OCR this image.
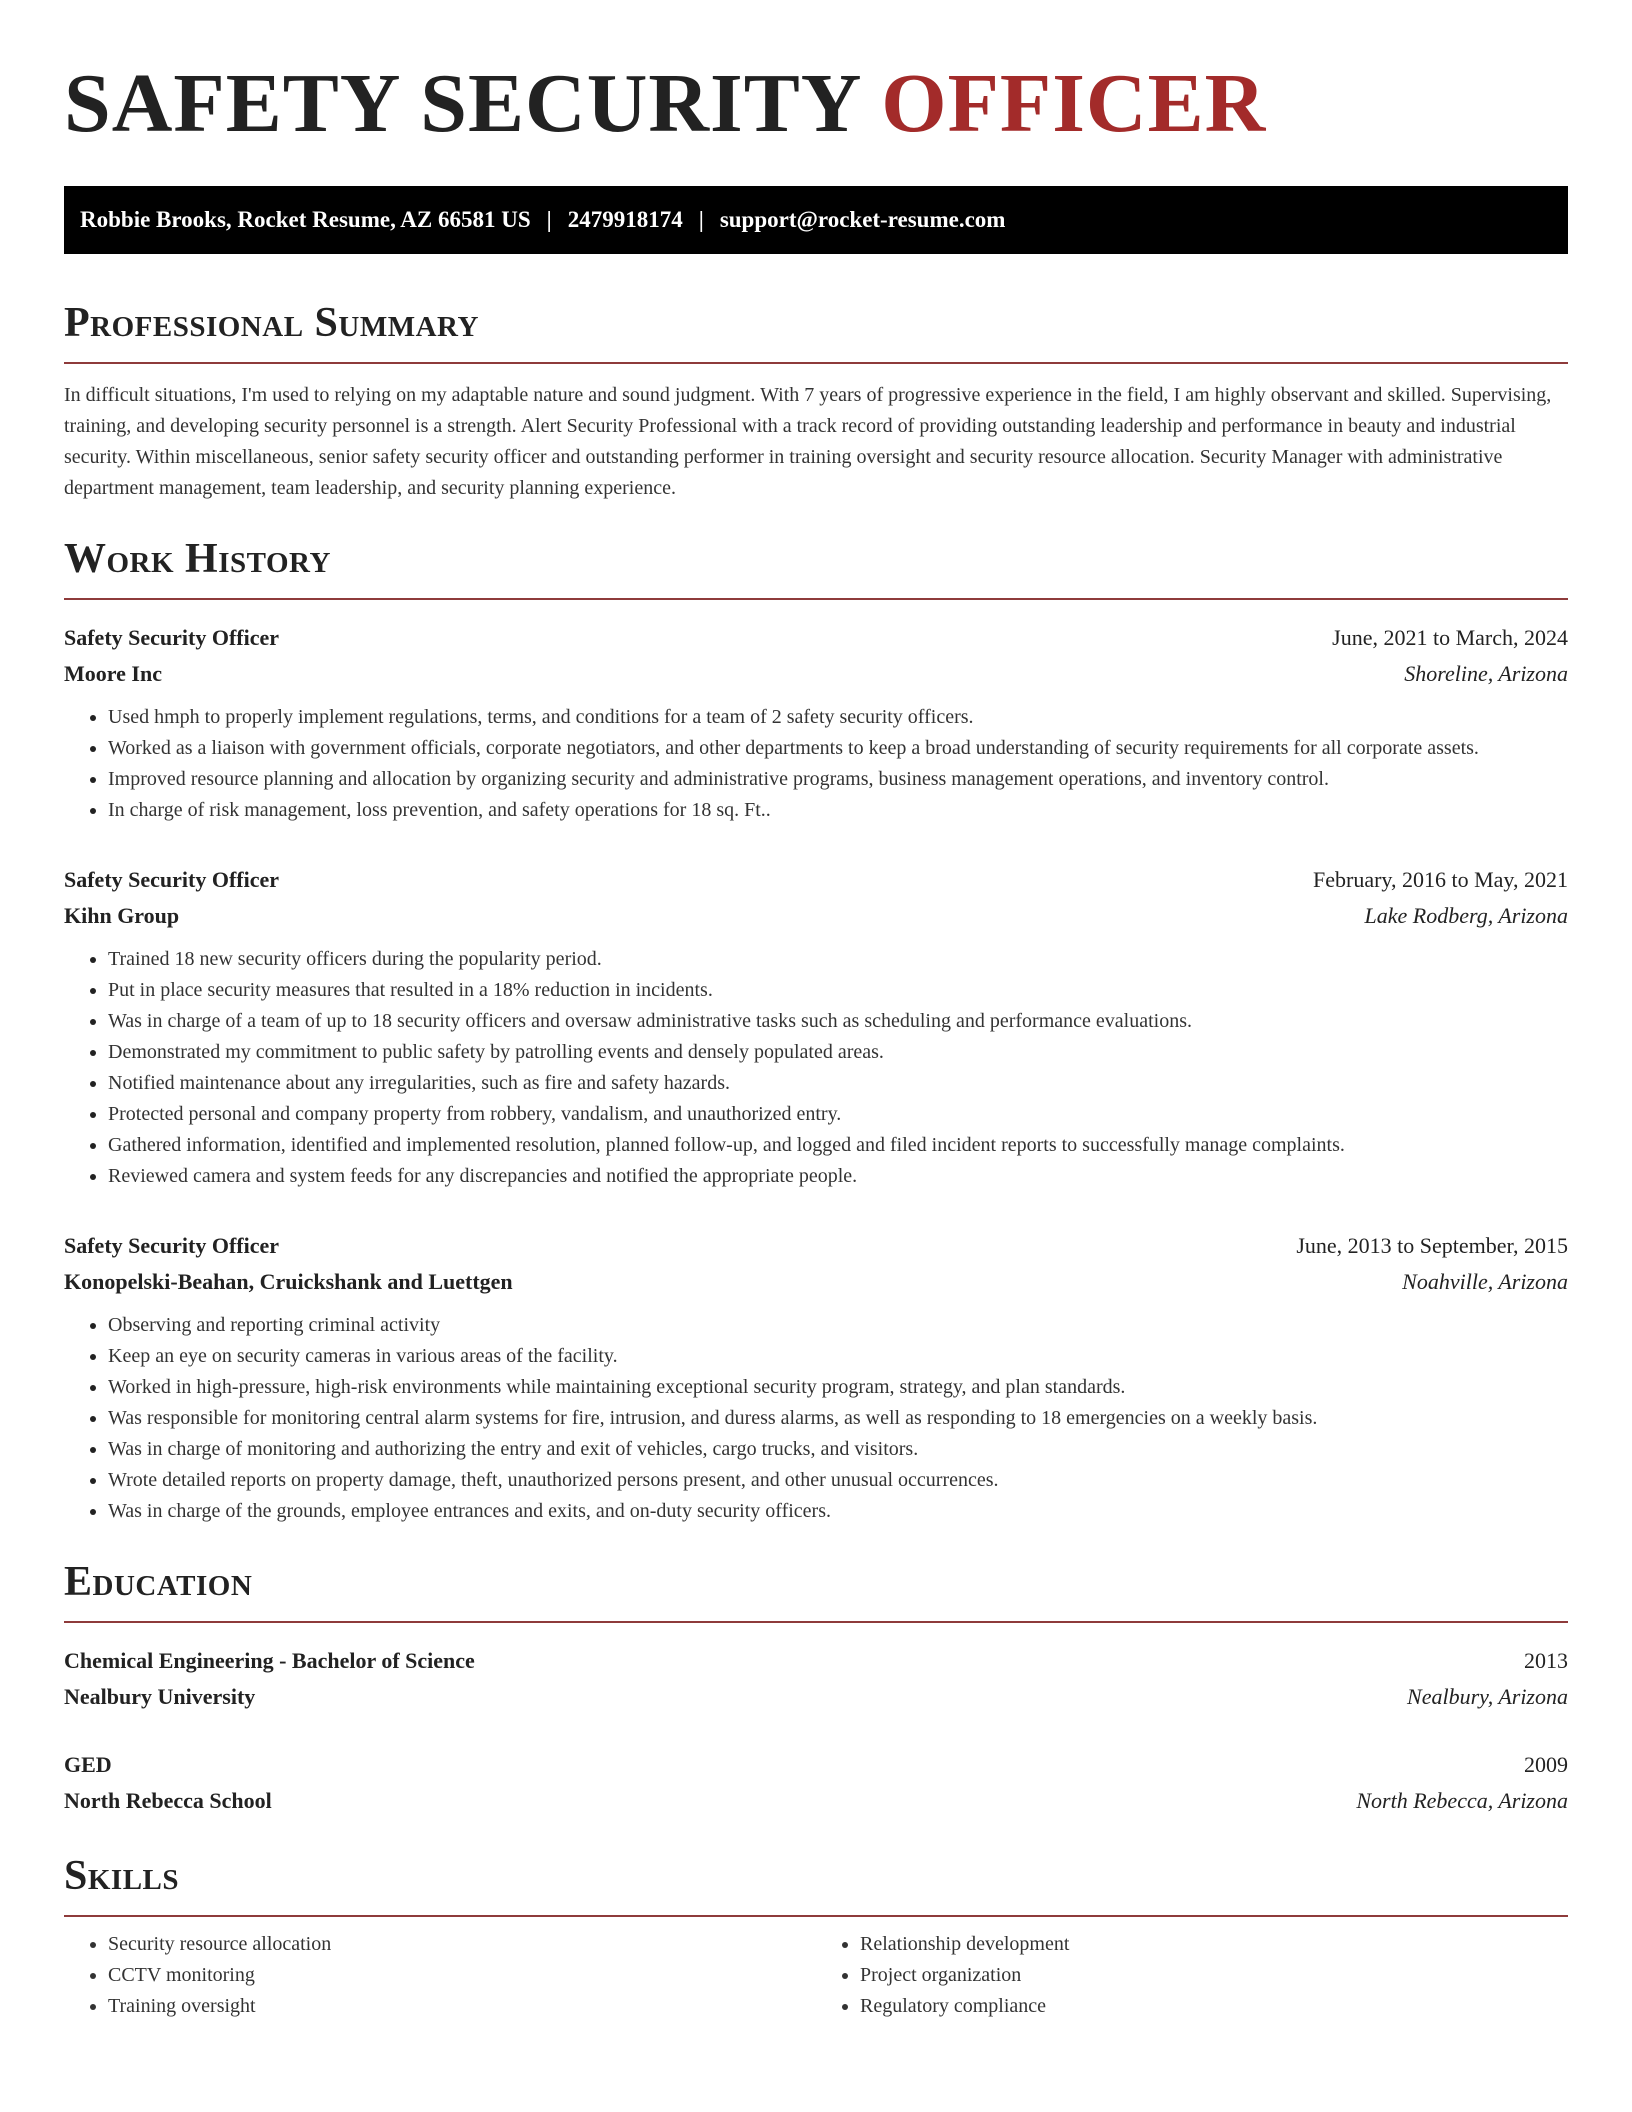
SAFETY SECURITY OFFICER
Robbie Brooks, Rocket Resume, AZ 66581 US | 2479918174 | support@rocket-resume.com
Professional Summary

In difficult situations, I'm used to relying on my adaptable nature and sound judgment. With 7 years of progressive experience in the field, I am highly observant and skilled. Supervising, training, and developing security personnel is a strength. Alert Security Professional with a track record of providing outstanding leadership and performance in beauty and industrial security. Within miscellaneous, senior safety security officer and outstanding performer in training oversight and security resource allocation. Security Manager with administrative department management, team leadership, and security planning experience.

Work History
Safety Security Officer	June, 2021 to March, 2024
Moore Inc	Shoreline, Arizona
• Used hmph to properly implement regulations, terms, and conditions for a team of 2 safety security officers.
• Worked as a liaison with government officials, corporate negotiators, and other departments to keep a broad understanding of security requirements for all corporate assets.
• Improved resource planning and allocation by organizing security and administrative programs, business management operations, and inventory control.
• In charge of risk management, loss prevention, and safety operations for 18 sq. Ft..
Safety Security Officer	February, 2016 to May, 2021
Kihn Group	Lake Rodberg, Arizona
• Trained 18 new security officers during the popularity period.
• Put in place security measures that resulted in a 18% reduction in incidents.
• Was in charge of a team of up to 18 security officers and oversaw administrative tasks such as scheduling and performance evaluations.
• Demonstrated my commitment to public safety by patrolling events and densely populated areas.
• Notified maintenance about any irregularities, such as fire and safety hazards.
• Protected personal and company property from robbery, vandalism, and unauthorized entry.
• Gathered information, identified and implemented resolution, planned follow-up, and logged and filed incident reports to successfully manage complaints.
• Reviewed camera and system feeds for any discrepancies and notified the appropriate people.
Safety Security Officer	June, 2013 to September, 2015
Konopelski-Beahan, Cruickshank and Luettgen	Noahville, Arizona
• Observing and reporting criminal activity
• Keep an eye on security cameras in various areas of the facility.
• Worked in high-pressure, high-risk environments while maintaining exceptional security program, strategy, and plan standards.
• Was responsible for monitoring central alarm systems for fire, intrusion, and duress alarms, as well as responding to 18 emergencies on a weekly basis.
• Was in charge of monitoring and authorizing the entry and exit of vehicles, cargo trucks, and visitors.
• Wrote detailed reports on property damage, theft, unauthorized persons present, and other unusual occurrences.
• Was in charge of the grounds, employee entrances and exits, and on-duty security officers.
Education
Chemical Engineering - Bachelor of Science	2013
Nealbury University	Nealbury, Arizona
GED	2009
North Rebecca School	North Rebecca, Arizona
Skills
• Security resource allocation
• CCTV monitoring
• Training oversight
• Relationship development
• Project organization
• Regulatory compliance
